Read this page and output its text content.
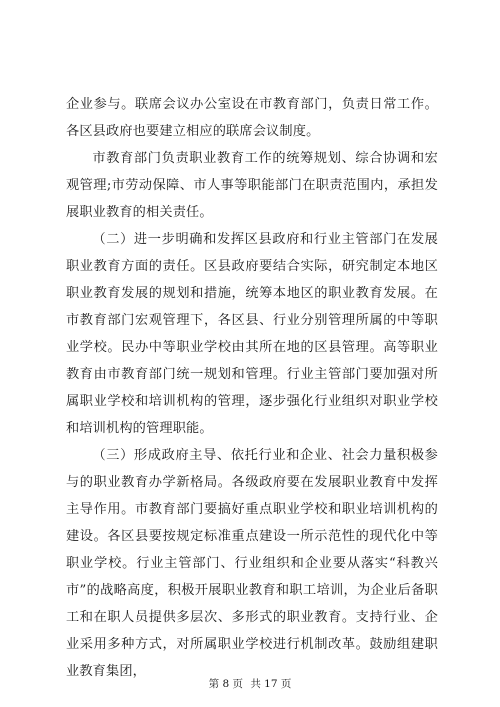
企业参与。联席会议办公室设在市教育部门，负责日常工作。各区县政府也要建立相应的联席会议制度。

市教育部门负责职业教育工作的统筹规划、综合协调和宏观管理;市劳动保障、市人事等职能部门在职责范围内，承担发展职业教育的相关责任。

（二）进一步明确和发挥区县政府和行业主管部门在发展职业教育方面的责任。区县政府要结合实际，研究制定本地区职业教育发展的规划和措施，统筹本地区的职业教育发展。在市教育部门宏观管理下，各区县、行业分别管理所属的中等职业学校。民办中等职业学校由其所在地的区县管理。高等职业教育由市教育部门统一规划和管理。行业主管部门要加强对所属职业学校和培训机构的管理，逐步强化行业组织对职业学校和培训机构的管理职能。

（三）形成政府主导、依托行业和企业、社会力量积极参与的职业教育办学新格局。各级政府要在发展职业教育中发挥主导作用。市教育部门要搞好重点职业学校和职业培训机构的建设。各区县要按规定标准重点建设一所示范性的现代化中等职业学校。行业主管部门、行业组织和企业要从落实“科教兴市”的战略高度，积极开展职业教育和职工培训，为企业后备职工和在职人员提供多层次、多形式的职业教育。支持行业、企业采用多种方式，对所属职业学校进行机制改革。鼓励组建职业教育集团，

第 8 页 共 17 页
